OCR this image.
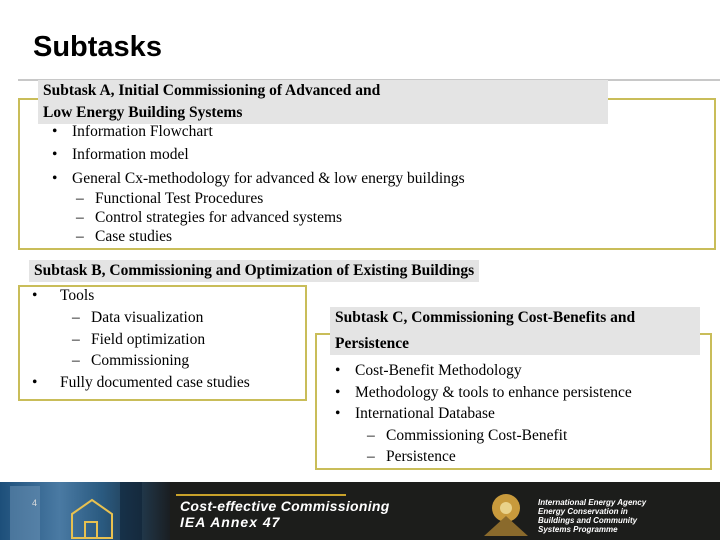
Subtasks
Subtask A, Initial Commissioning of Advanced and
Low Energy Building Systems
• Information Flowchart
• Information model
• General Cx-methodology for advanced & low energy buildings
– Functional Test Procedures
– Control strategies for advanced systems
– Case studies
Subtask B, Commissioning and Optimization of Existing Buildings
• Tools
– Data visualization
– Field optimization
– Commissioning
• Fully documented case studies
Subtask C, Commissioning Cost-Benefits and
Persistence
• Cost-Benefit Methodology
• Methodology & tools to enhance persistence
• International Database
– Commissioning Cost-Benefit
– Persistence
4	Cost-effective Commissioning
IEA Annex 47
International Energy Agency
Energy Conservation in
Buildings and Community
Systems Programme
